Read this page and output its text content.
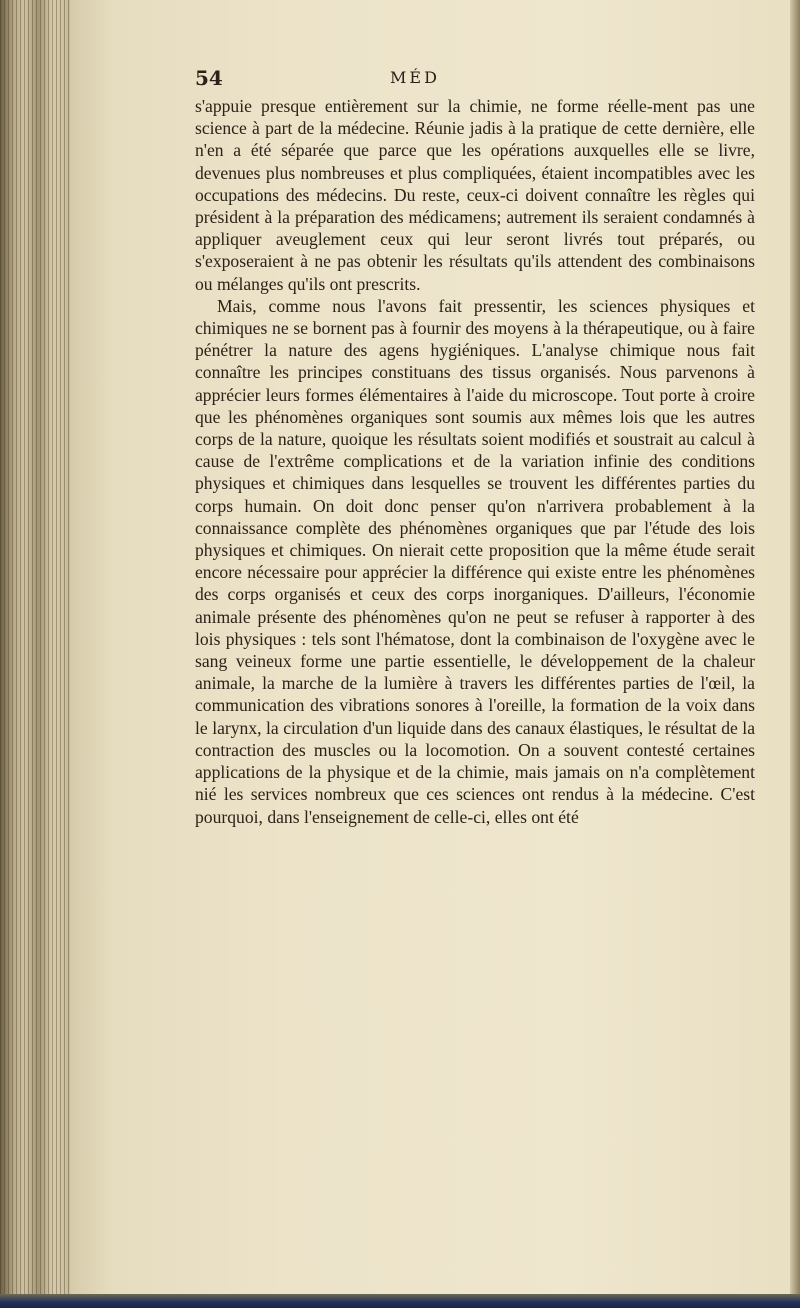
54	MÉD

s'appuie presque entièrement sur la chimie, ne forme réelle-ment pas une science à part de la médecine. Réunie jadis à la pratique de cette dernière, elle n'en a été séparée que parce que les opérations auxquelles elle se livre, devenues plus nombreuses et plus compliquées, étaient incompatibles avec les occupations des médecins. Du reste, ceux-ci doivent connaître les règles qui président à la préparation des médicamens; autrement ils seraient condamnés à appliquer aveuglement ceux qui leur seront livrés tout préparés, ou s'exposeraient à ne pas obtenir les résultats qu'ils attendent des combinaisons ou mélanges qu'ils ont prescrits.

Mais, comme nous l'avons fait pressentir, les sciences physiques et chimiques ne se bornent pas à fournir des moyens à la thérapeutique, ou à faire pénétrer la nature des agens hygiéniques. L'analyse chimique nous fait connaître les principes constituans des tissus organisés. Nous parvenons à apprécier leurs formes élémentaires à l'aide du microscope. Tout porte à croire que les phénomènes organiques sont soumis aux mêmes lois que les autres corps de la nature, quoique les résultats soient modifiés et soustrait au calcul à cause de l'extrême complications et de la variation infinie des conditions physiques et chimiques dans lesquelles se trouvent les différentes parties du corps humain. On doit donc penser qu'on n'arrivera probablement à la connaissance complète des phénomènes organiques que par l'étude des lois physiques et chimiques. On nierait cette proposition que la même étude serait encore nécessaire pour apprécier la différence qui existe entre les phénomènes des corps organisés et ceux des corps inorganiques. D'ailleurs, l'économie animale présente des phénomènes qu'on ne peut se refuser à rapporter à des lois physiques : tels sont l'hématose, dont la combinaison de l'oxygène avec le sang veineux forme une partie essentielle, le développement de la chaleur animale, la marche de la lumière à travers les différentes parties de l'œil, la communication des vibrations sonores à l'oreille, la formation de la voix dans le larynx, la circulation d'un liquide dans des canaux élastiques, le résultat de la contraction des muscles ou la locomotion. On a souvent contesté certaines applications de la physique et de la chimie, mais jamais on n'a complètement nié les services nombreux que ces sciences ont rendus à la médecine. C'est pourquoi, dans l'enseignement de celle-ci, elles ont été
